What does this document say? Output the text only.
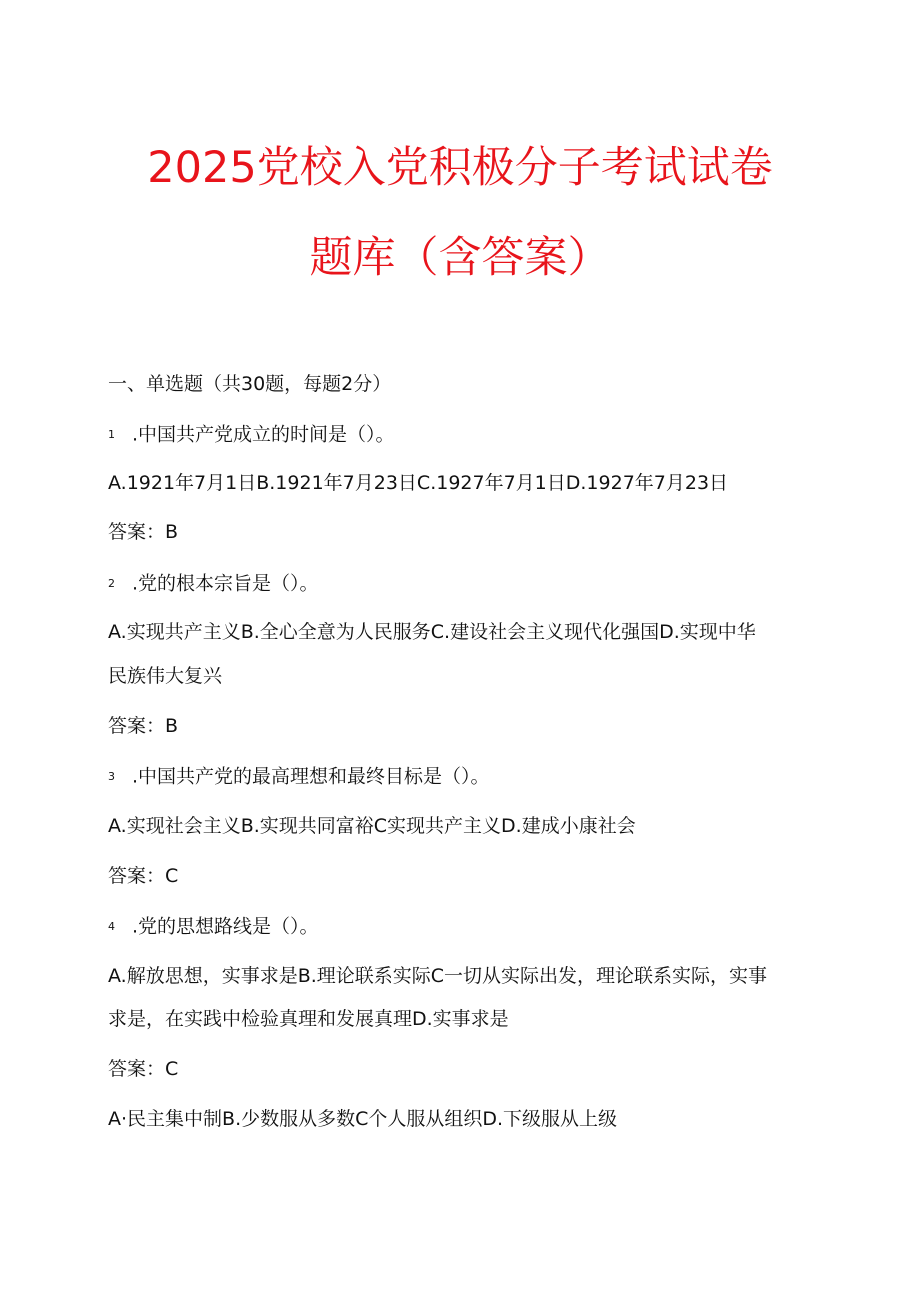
2025党校入党积极分子考试试卷
题库（含答案）
一、单选题（共30题，每题2分）
1 .中国共产党成立的时间是（）。
A.1921年7月1日B.1921年7月23日C.1927年7月1日D.1927年7月23日
答案：B
2 .党的根本宗旨是（）。
A.实现共产主义B.全心全意为人民服务C.建设社会主义现代化强国D.实现中华
民族伟大复兴
答案：B
3 .中国共产党的最高理想和最终目标是（）。
A.实现社会主义B.实现共同富裕C实现共产主义D.建成小康社会
答案：C
4 .党的思想路线是（）。
A.解放思想，实事求是B.理论联系实际C一切从实际出发，理论联系实际，实事
求是，在实践中检验真理和发展真理D.实事求是
答案：C
A·民主集中制B.少数服从多数C个人服从组织D.下级服从上级
